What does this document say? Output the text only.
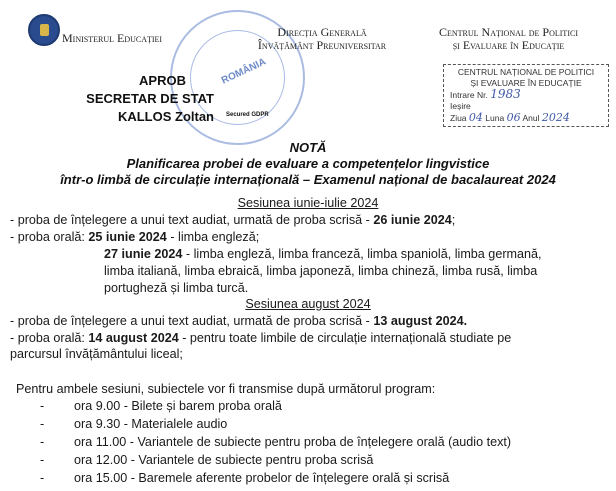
Ministerul Educației
ROMÂNIA
Direcția Generală
Învățământ Preuniversitar
Centrul Național de Politici
și Evaluare în Educație
APROB
SECRETAR DE STAT
KALLOS Zoltan Secured GDPR
CENTRUL NAȚIONAL DE POLITICI
ȘI EVALUARE ÎN EDUCAȚIE
Intrare Nr. 1983
Ieșire
Ziua 04 Luna 06 Anul 2024
NOTĂ
Planificarea probei de evaluare a competențelor lingvistice
într-o limbă de circulație internațională – Examenul național de bacalaureat 2024
Sesiunea iunie-iulie 2024
- proba de înțelegere a unui text audiat, urmată de proba scrisă - 26 iunie 2024;
- proba orală: 25 iunie 2024 - limba engleză;
27 iunie 2024 - limba engleză, limba franceză, limba spaniolă, limba germană,
limba italiană, limba ebraică, limba japoneză, limba chineză, limba rusă, limba
portugheză și limba turcă.
Sesiunea august 2024
- proba de înțelegere a unui text audiat, urmată de proba scrisă - 13 august 2024.
- proba orală: 14 august 2024 - pentru toate limbile de circulație internațională studiate pe
parcursul învățământului liceal;
Pentru ambele sesiuni, subiectele vor fi transmise după următorul program:
- ora 9.00 - Bilete și barem proba orală
- ora 9.30 - Materialele audio
- ora 11.00 - Variantele de subiecte pentru proba de înțelegere orală (audio text)
- ora 12.00 - Variantele de subiecte pentru proba scrisă
- ora 15.00 - Baremele aferente probelor de înțelegere orală și scrisă
